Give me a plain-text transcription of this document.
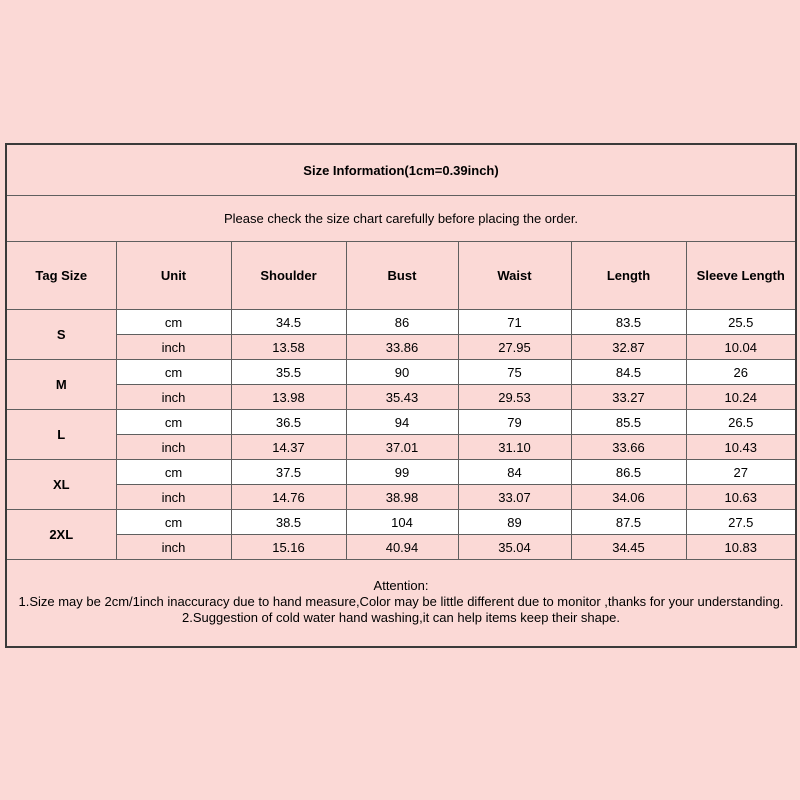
Size Information(1cm=0.39inch)						
Please check the size chart carefully before placing the order.						
Tag Size	Unit	Shoulder	Bust	Waist	Length	Sleeve Length
S	cm	34.5	86	71	83.5	25.5
	inch	13.58	33.86	27.95	32.87	10.04
M	cm	35.5	90	75	84.5	26
	inch	13.98	35.43	29.53	33.27	10.24
L	cm	36.5	94	79	85.5	26.5
	inch	14.37	37.01	31.10	33.66	10.43
XL	cm	37.5	99	84	86.5	27
	inch	14.76	38.98	33.07	34.06	10.63
2XL	cm	38.5	104	89	87.5	27.5
	inch	15.16	40.94	35.04	34.45	10.83

Attention:
1.Size may be 2cm/1inch inaccuracy due to hand measure,Color may be little different due to monitor ,thanks for your understanding.
2.Suggestion of cold water hand washing,it can help items keep their shape.						
